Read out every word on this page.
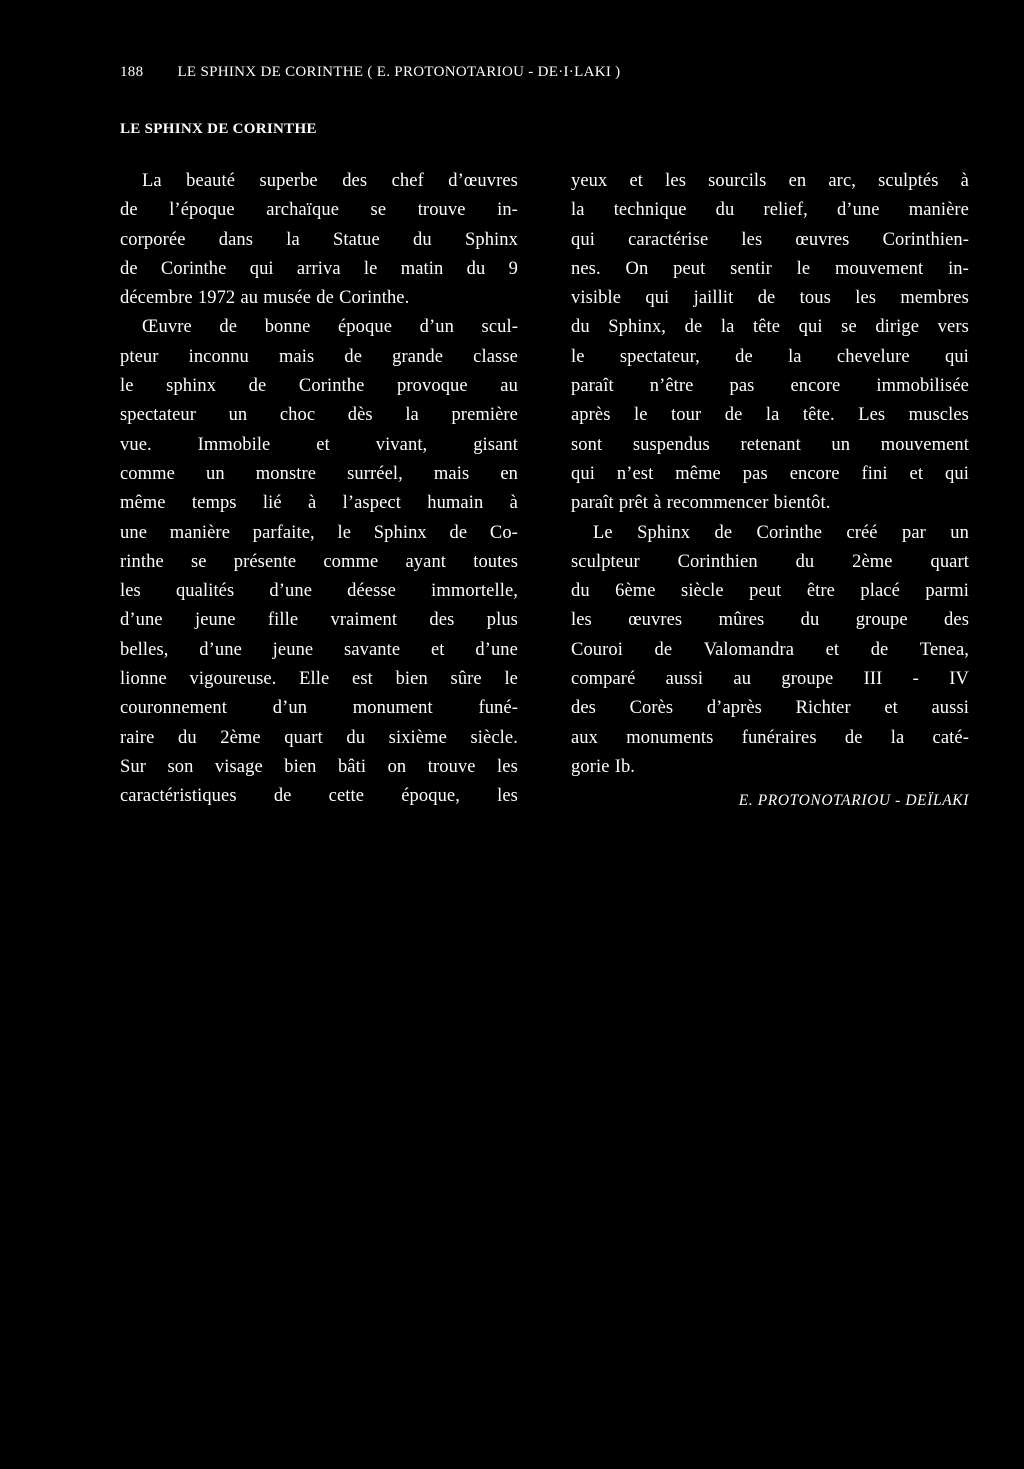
188 LE SPHINX DE CORINTHE ( E. PROTONOTARIOU - DE·I·LAKI )
LE SPHINX DE CORINTHE
La beauté superbe des chef d’œuvres
de l’époque archaïque se trouve in-
corporée dans la Statue du Sphinx
de Corinthe qui arriva le matin du 9
décembre 1972 au musée de Corinthe.
Œuvre de bonne époque d’un scul-
pteur inconnu mais de grande classe
le sphinx de Corinthe provoque au
spectateur un choc dès la première
vue. Immobile et vivant, gisant
comme un monstre surréel, mais en
même temps lié à l’aspect humain à
une manière parfaite, le Sphinx de Co-
rinthe se présente comme ayant toutes
les qualités d’une déesse immortelle,
d’une jeune fille vraiment des plus
belles, d’une jeune savante et d’une
lionne vigoureuse. Elle est bien sûre le
couronnement d’un monument funé-
raire du 2ème quart du sixième siècle.
Sur son visage bien bâti on trouve les
caractéristiques de cette époque, les
yeux et les sourcils en arc, sculptés à
la technique du relief, d’une manière
qui caractérise les œuvres Corinthien-
nes. On peut sentir le mouvement in-
visible qui jaillit de tous les membres
du Sphinx, de la tête qui se dirige vers
le spectateur, de la chevelure qui
paraît n’être pas encore immobilisée
après le tour de la tête. Les muscles
sont suspendus retenant un mouvement
qui n’est même pas encore fini et qui
paraît prêt à recommencer bientôt.
Le Sphinx de Corinthe créé par un
sculpteur Corinthien du 2ème quart
du 6ème siècle peut être placé parmi
les œuvres mûres du groupe des
Couroi de Valomandra et de Tenea,
comparé aussi au groupe III - IV
des Corès d’après Richter et aussi
aux monuments funéraires de la caté-
gorie Ib.
E. PROTONOTARIOU - DEÏLAKI
